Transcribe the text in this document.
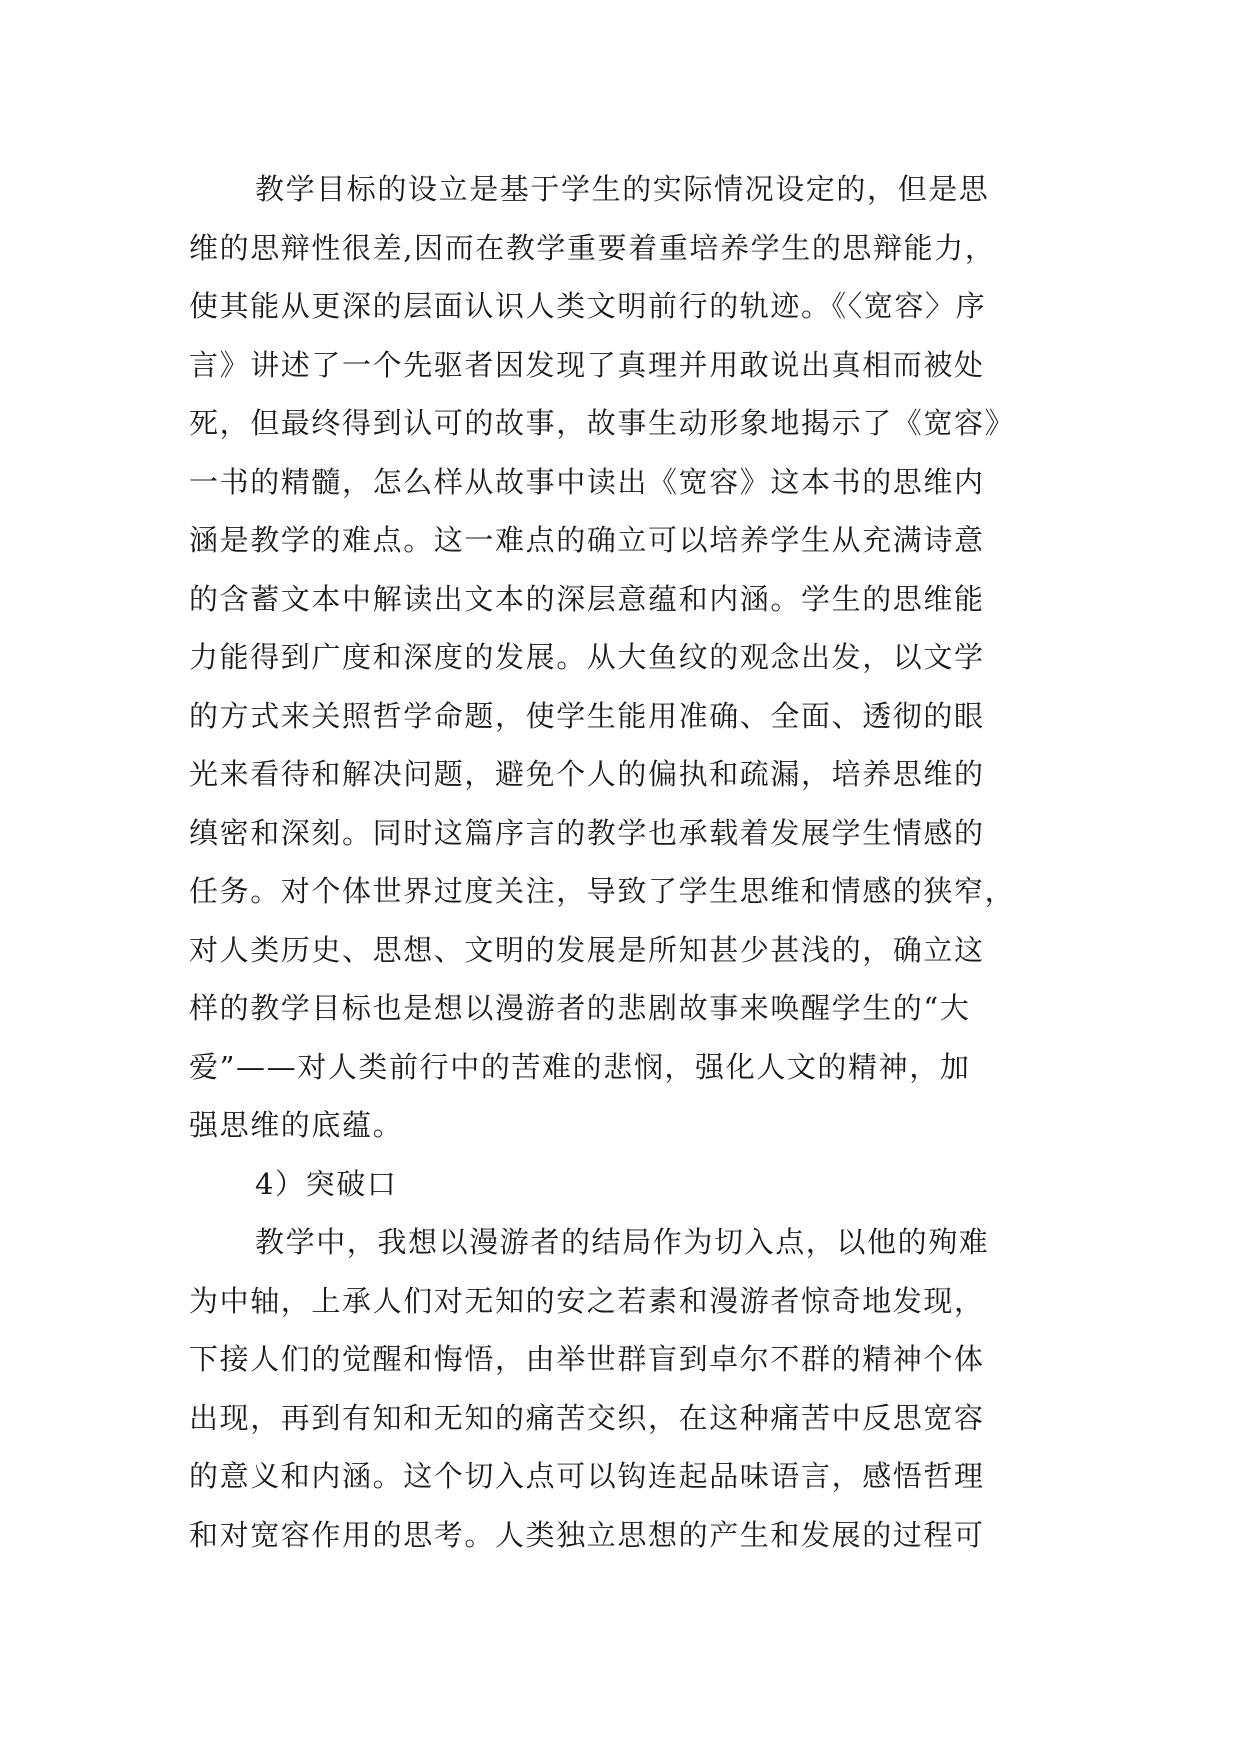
教学目标的设立是基于学生的实际情况设定的，但是思
维的思辩性很差,因而在教学重要着重培养学生的思辩能力，
使其能从更深的层面认识人类文明前行的轨迹。《〈宽容〉序
言》讲述了一个先驱者因发现了真理并用敢说出真相而被处
死，但最终得到认可的故事，故事生动形象地揭示了《宽容》
一书的精髓，怎么样从故事中读出《宽容》这本书的思维内
涵是教学的难点。这一难点的确立可以培养学生从充满诗意
的含蓄文本中解读出文本的深层意蕴和内涵。学生的思维能
力能得到广度和深度的发展。从大鱼纹的观念出发，以文学
的方式来关照哲学命题，使学生能用准确、全面、透彻的眼
光来看待和解决问题，避免个人的偏执和疏漏，培养思维的
缜密和深刻。同时这篇序言的教学也承载着发展学生情感的
任务。对个体世界过度关注，导致了学生思维和情感的狭窄，
对人类历史、思想、文明的发展是所知甚少甚浅的，确立这
样的教学目标也是想以漫游者的悲剧故事来唤醒学生的“大
爱”——对人类前行中的苦难的悲悯，强化人文的精神，加
强思维的底蕴。
4）突破口
教学中，我想以漫游者的结局作为切入点，以他的殉难
为中轴，上承人们对无知的安之若素和漫游者惊奇地发现，
下接人们的觉醒和悔悟，由举世群盲到卓尔不群的精神个体
出现，再到有知和无知的痛苦交织，在这种痛苦中反思宽容
的意义和内涵。这个切入点可以钩连起品味语言，感悟哲理
和对宽容作用的思考。人类独立思想的产生和发展的过程可
